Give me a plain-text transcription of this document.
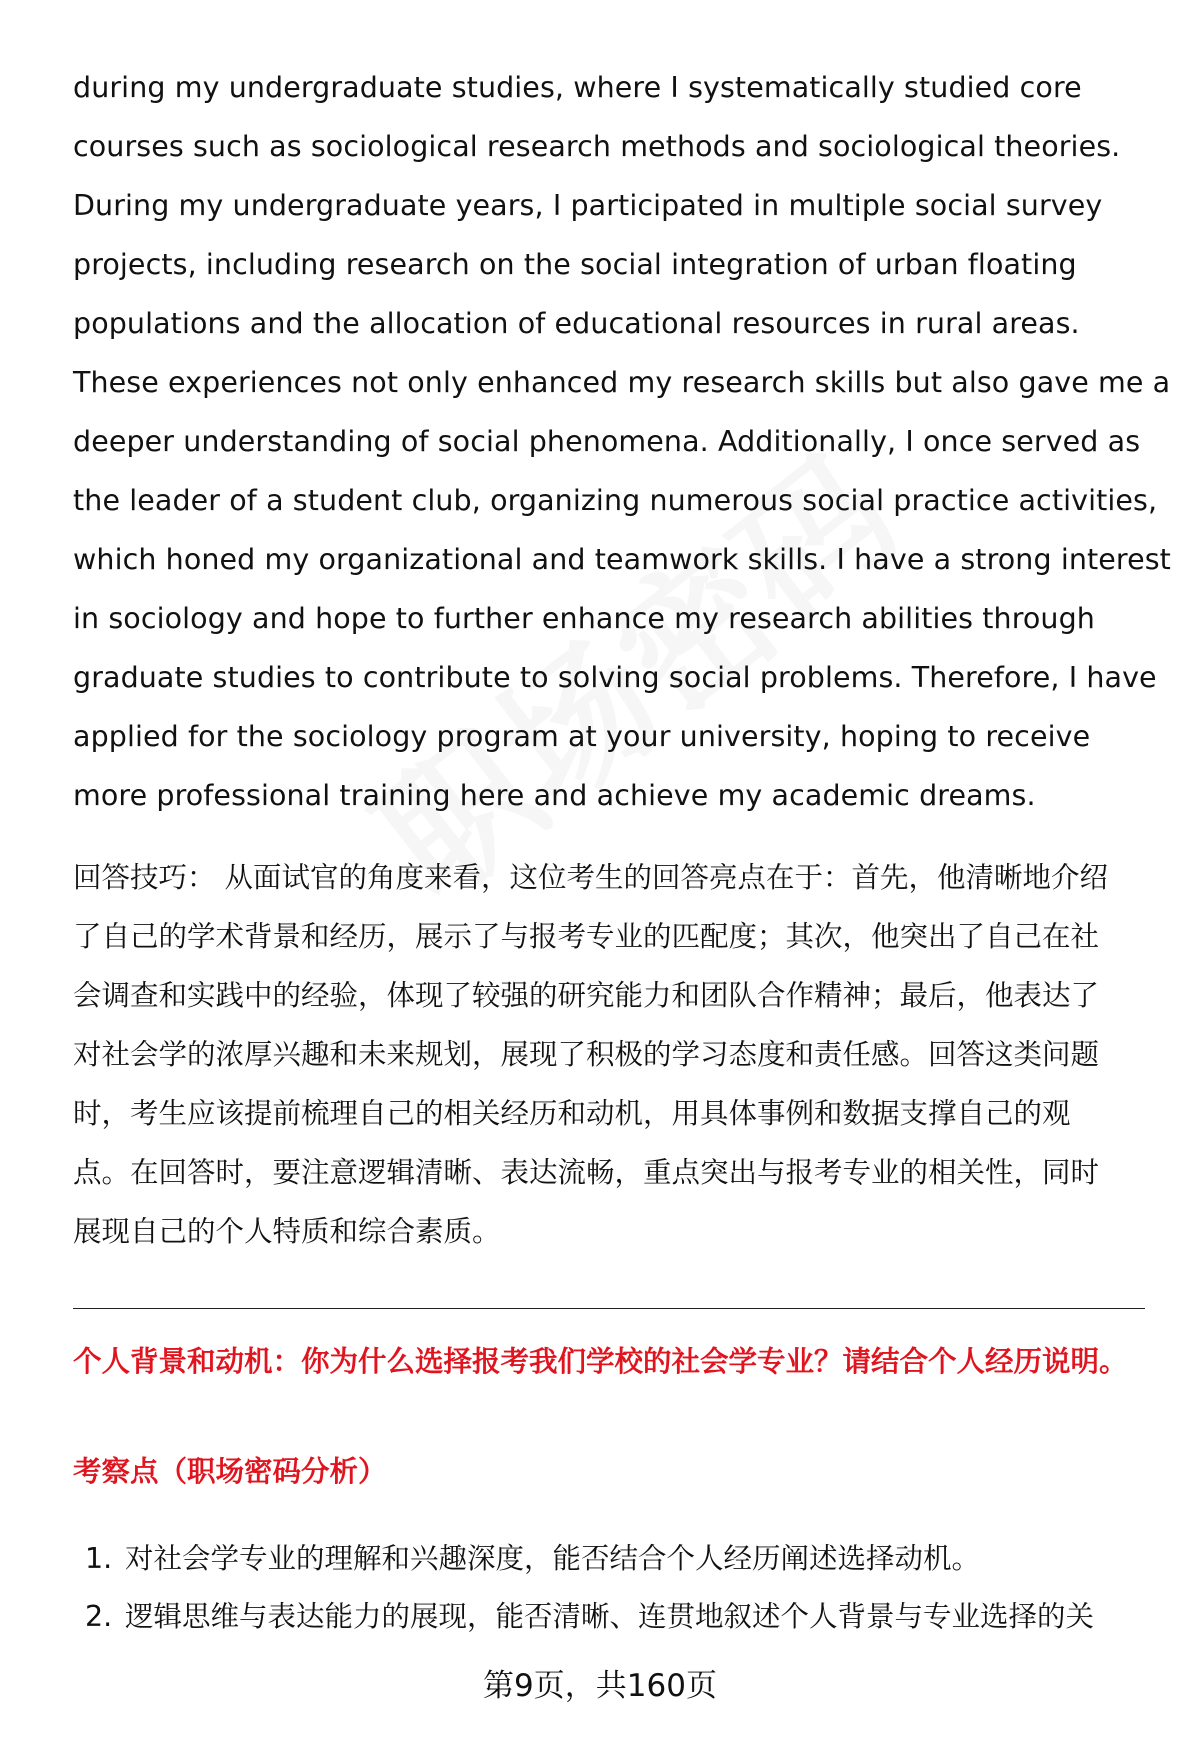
during my undergraduate studies, where I systematically studied core
courses such as sociological research methods and sociological theories.
During my undergraduate years, I participated in multiple social survey
projects, including research on the social integration of urban floating
populations and the allocation of educational resources in rural areas.
These experiences not only enhanced my research skills but also gave me a
deeper understanding of social phenomena. Additionally, I once served as
the leader of a student club, organizing numerous social practice activities,
which honed my organizational and teamwork skills. I have a strong interest
in sociology and hope to further enhance my research abilities through
graduate studies to contribute to solving social problems. Therefore, I have
applied for the sociology program at your university, hoping to receive
more professional training here and achieve my academic dreams.

回答技巧： 从面试官的角度来看，这位考生的回答亮点在于：首先，他清晰地介绍
了自己的学术背景和经历，展示了与报考专业的匹配度；其次，他突出了自己在社
会调查和实践中的经验，体现了较强的研究能力和团队合作精神；最后，他表达了
对社会学的浓厚兴趣和未来规划，展现了积极的学习态度和责任感。回答这类问题
时，考生应该提前梳理自己的相关经历和动机，用具体事例和数据支撑自己的观
点。在回答时，要注意逻辑清晰、表达流畅，重点突出与报考专业的相关性，同时
展现自己的个人特质和综合素质。

个人背景和动机：你为什么选择报考我们学校的社会学专业？请结合个人经历说明。
考察点（职场密码分析）
1. 对社会学专业的理解和兴趣深度，能否结合个人经历阐述选择动机。
2. 逻辑思维与表达能力的展现，能否清晰、连贯地叙述个人背景与专业选择的关
第9页，共160页
